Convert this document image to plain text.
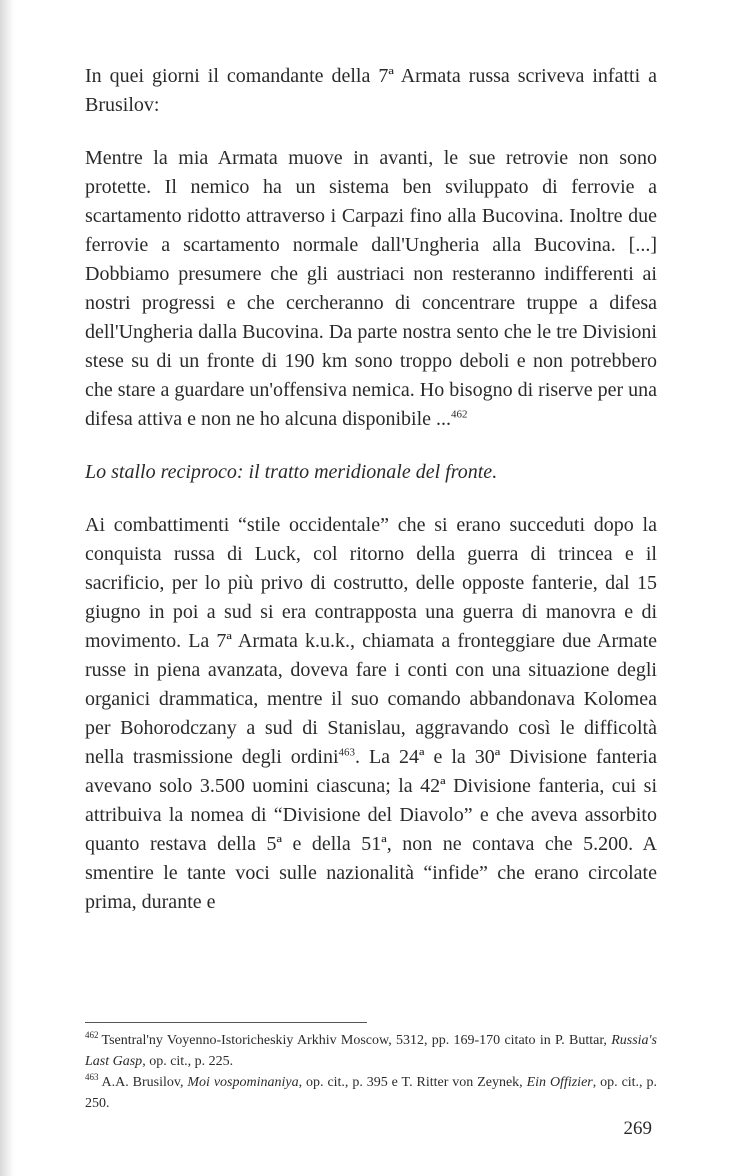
In quei giorni il comandante della 7ª Armata russa scriveva infatti a Brusilov:

Mentre la mia Armata muove in avanti, le sue retrovie non sono protette. Il nemico ha un sistema ben sviluppato di ferrovie a scartamento ridotto attraverso i Carpazi fino alla Bucovina. Inoltre due ferrovie a scartamento normale dall'Ungheria alla Bucovina. [...] Dobbiamo presumere che gli austriaci non resteranno indifferenti ai nostri progressi e che cercheranno di concentrare truppe a difesa dell'Ungheria dalla Bucovina. Da parte nostra sento che le tre Divisioni stese su di un fronte di 190 km sono troppo deboli e non potrebbero che stare a guardare un'offensiva nemica. Ho bisogno di riserve per una difesa attiva e non ne ho alcuna disponibile ...$^{462}$

Lo stallo reciproco: il tratto meridionale del fronte.

Ai combattimenti “stile occidentale” che si erano succeduti dopo la conquista russa di Luck, col ritorno della guerra di trincea e il sacrificio, per lo più privo di costrutto, delle opposte fanterie, dal 15 giugno in poi a sud si era contrapposta una guerra di manovra e di movimento. La 7ª Armata k.u.k., chiamata a fronteggiare due Armate russe in piena avanzata, doveva fare i conti con una situazione degli organici drammatica, mentre il suo comando abbandonava Kolomea per Bohorodczany a sud di Stanislau, aggravando così le difficoltà nella trasmissione degli ordini$^{463}$. La 24ª e la 30ª Divisione fanteria avevano solo 3.500 uomini ciascuna; la 42ª Divisione fanteria, cui si attribuiva la nomea di “Divisione del Diavolo” e che aveva assorbito quanto restava della 5ª e della 51ª, non ne contava che 5.200. A smentire le tante voci sulle nazionalità “infide” che erano circolate prima, durante e

$^{462}$ Tsentral'ny Voyenno-Istoricheskiy Arkhiv Moscow, 5312, pp. 169-170 citato in P. Buttar, Russia's Last Gasp, op. cit., p. 225.

$^{463}$ A.A. Brusilov, Moi vospominaniya, op. cit., p. 395 e T. Ritter von Zeynek, Ein Offizier, op. cit., p. 250.

269
